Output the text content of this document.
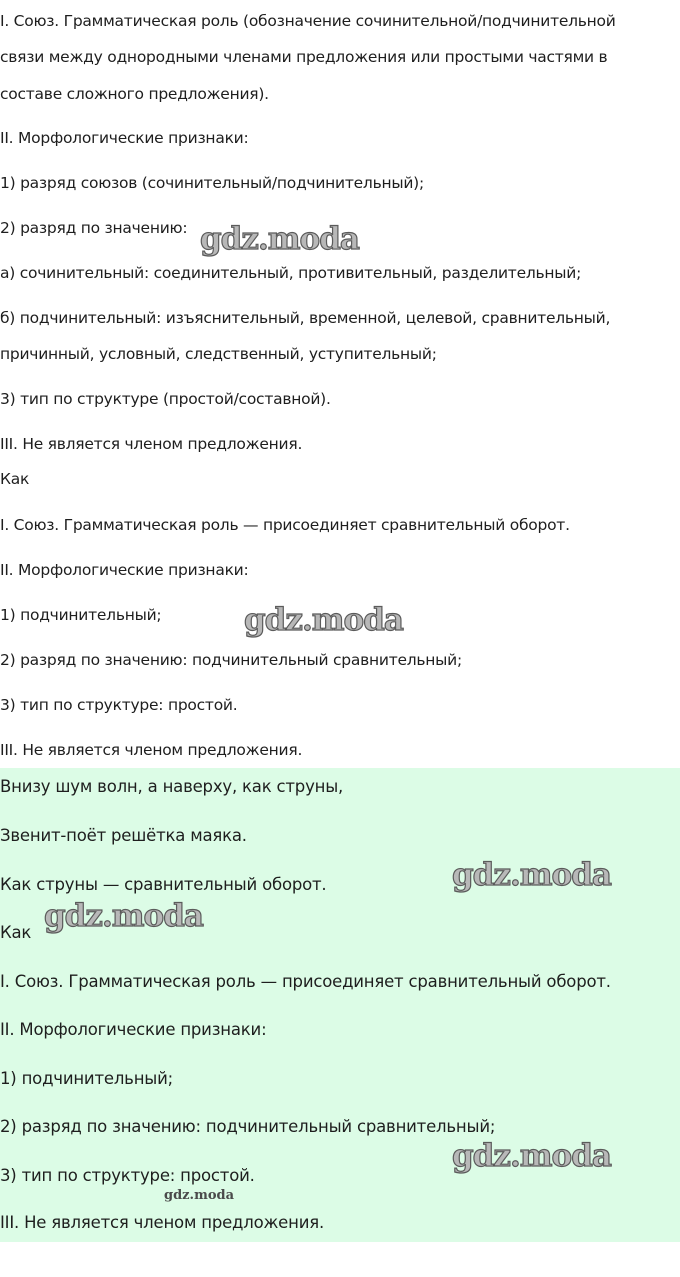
I. Союз. Грамматическая роль (обозначение сочинительной/подчинительной

связи между однородными членами предложения или простыми частями в

составе сложного предложения).

II. Морфологические признаки:

1) разряд союзов (сочинительный/подчинительный);

2) разряд по значению:

а) сочинительный: соединительный, противительный, разделительный;

б) подчинительный: изъяснительный, временной, целевой, сравнительный,

причинный, условный, следственный, уступительный;

3) тип по структуре (простой/составной).

III. Не является членом предложения.

Как

I. Союз. Грамматическая роль — присоединяет сравнительный оборот.

II. Морфологические признаки:

1) подчинительный;

2) разряд по значению: подчинительный сравнительный;

3) тип по структуре: простой.

III. Не является членом предложения.

Внизу шум волн, а наверху, как струны,

Звенит-поёт решётка маяка.

Как струны — сравнительный оборот.

Как

I. Союз. Грамматическая роль — присоединяет сравнительный оборот.

II. Морфологические признаки:

1) подчинительный;

2) разряд по значению: подчинительный сравнительный;

3) тип по структуре: простой.

III. Не является членом предложения.

gdz.moda
gdz.moda
gdz.moda
gdz.moda
gdz.moda
gdz.moda
